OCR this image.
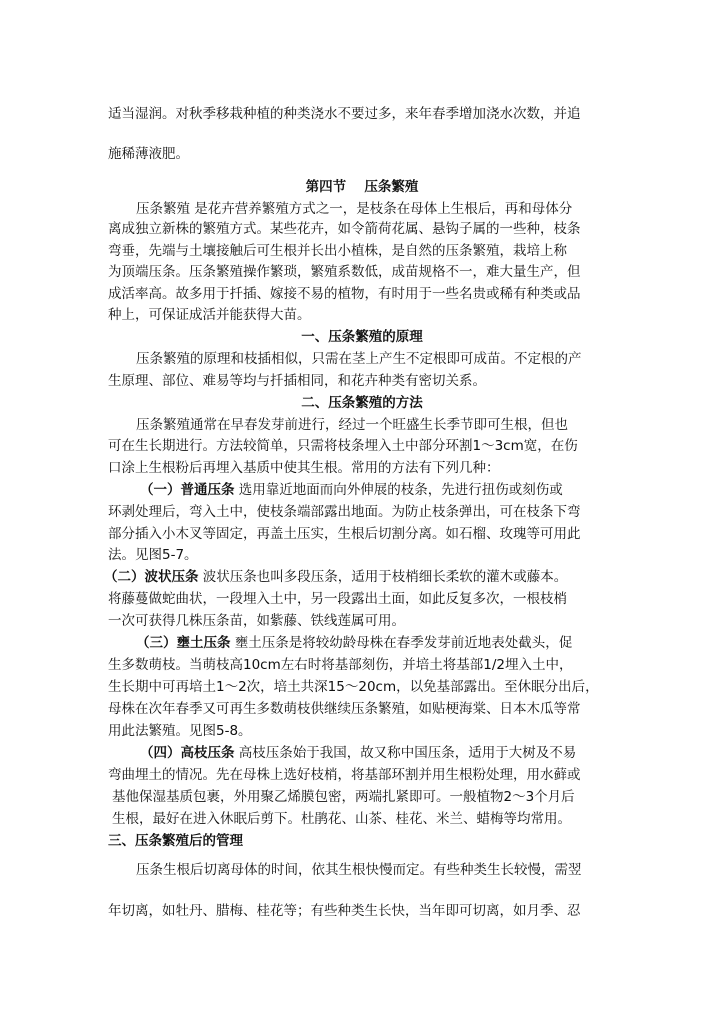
适当湿润。对秋季移栽种植的种类浇水不要过多，来年春季增加浇水次数，并追
施稀薄液肥。
第四节　 压条繁殖
压条繁殖 是花卉营养繁殖方式之一，是枝条在母体上生根后，再和母体分
离成独立新株的繁殖方式。某些花卉，如令箭荷花属、悬钩子属的一些种，枝条
弯垂，先端与土壤接触后可生根并长出小植株，是自然的压条繁殖，栽培上称
为顶端压条。压条繁殖操作繁琐，繁殖系数低，成苗规格不一，难大量生产，但
成活率高。故多用于扦插、嫁接不易的植物，有时用于一些名贵或稀有种类或品
种上，可保证成活并能获得大苗。
一、压条繁殖的原理
压条繁殖的原理和枝插相似，只需在茎上产生不定根即可成苗。不定根的产
生原理、部位、难易等均与扦插相同，和花卉种类有密切关系。
二、压条繁殖的方法
压条繁殖通常在早春发芽前进行，经过一个旺盛生长季节即可生根，但也
可在生长期进行。方法较简单，只需将枝条埋入土中部分环割1～3cm宽，在伤
口涂上生根粉后再埋入基质中使其生根。常用的方法有下列几种：
（一）普通压条 选用靠近地面而向外伸展的枝条，先进行扭伤或刻伤或
环剥处理后，弯入土中，使枝条端部露出地面。为防止枝条弹出，可在枝条下弯
部分插入小木叉等固定，再盖土压实，生根后切割分离。如石榴、玫瑰等可用此
法。见图5-7。
（二）波状压条 波状压条也叫多段压条，适用于枝梢细长柔软的灌木或藤本。
将藤蔓做蛇曲状，一段埋入土中，另一段露出土面，如此反复多次，一根枝梢
一次可获得几株压条苗，如紫藤、铁线莲属可用。
（三）壅土压条 壅土压条是将较幼龄母株在春季发芽前近地表处截头，促
生多数萌枝。当萌枝高10cm左右时将基部刻伤，并培土将基部1/2埋入土中，
生长期中可再培土1～2次，培土共深15～20cm，以免基部露出。至休眠分出后，
母株在次年春季又可再生多数萌枝供继续压条繁殖，如贴梗海棠、日本木瓜等常
用此法繁殖。见图5-8。
（四）高枝压条 高枝压条始于我国，故又称中国压条，适用于大树及不易
弯曲埋土的情况。先在母株上选好枝梢，将基部环割并用生根粉处理，用水藓或
基他保湿基质包裹，外用聚乙烯膜包密，两端扎紧即可。一般植物2～3个月后
生根，最好在进入休眠后剪下。杜鹃花、山茶、桂花、米兰、蜡梅等均常用。
三、压条繁殖后的管理
压条生根后切离母体的时间，依其生根快慢而定。有些种类生长较慢，需翌
年切离，如牡丹、腊梅、桂花等；有些种类生长快，当年即可切离，如月季、忍
